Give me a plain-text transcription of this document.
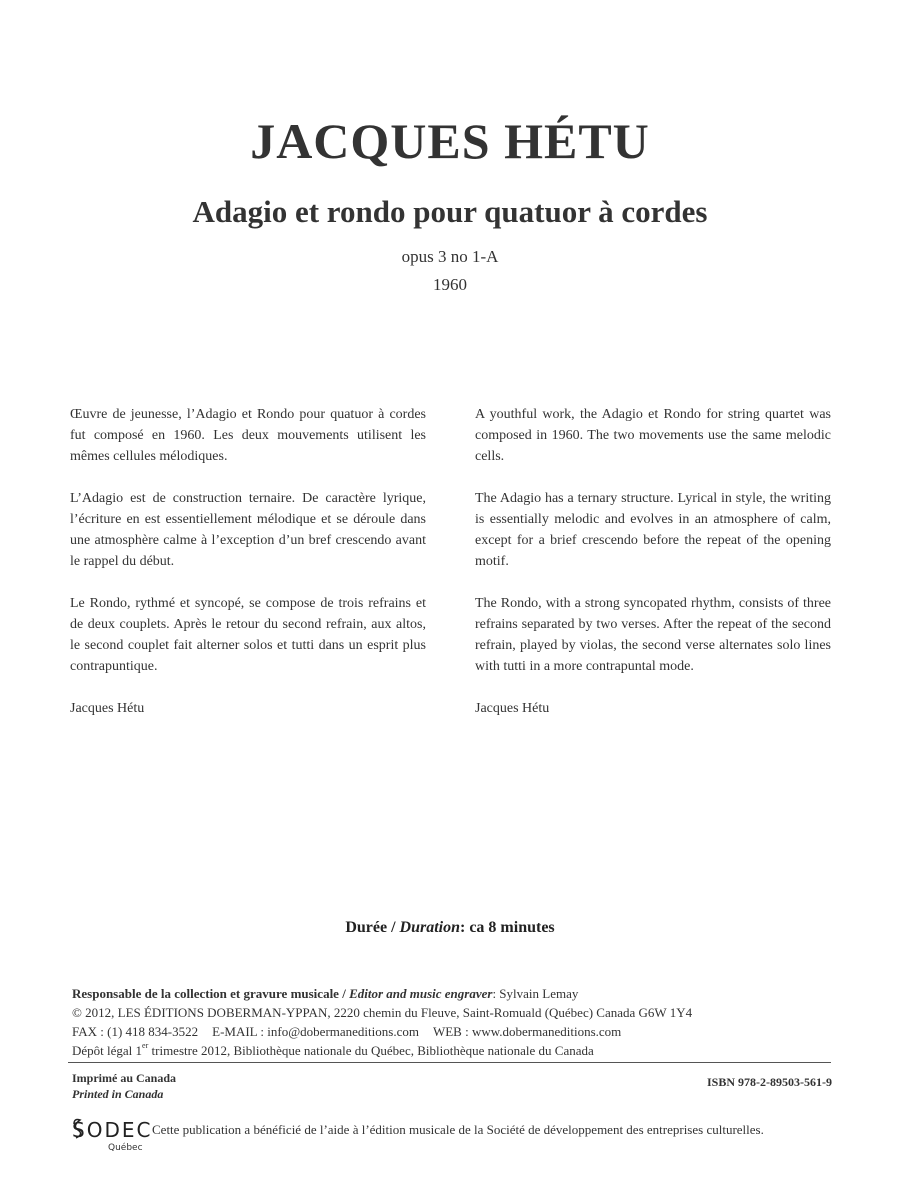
JACQUES HÉTU
Adagio et rondo pour quatuor à cordes
opus 3 no 1-A
1960

Œuvre de jeunesse, l’Adagio et Rondo pour quatuor à cordes fut composé en 1960. Les deux mouvements utilisent les mêmes cellules mélodiques.

L’Adagio est de construction ternaire. De caractère lyrique, l’écriture en est essentiellement mélodique et se déroule dans une atmosphère calme à l’exception d’un bref crescendo avant le rappel du début.

Le Rondo, rythmé et syncopé, se compose de trois refrains et de deux couplets. Après le retour du second refrain, aux altos, le second couplet fait alterner solos et tutti dans un esprit plus contrapuntique.

Jacques Hétu

A youthful work, the Adagio et Rondo for string quartet was composed in 1960. The two movements use the same melodic cells.

The Adagio has a ternary structure. Lyrical in style, the writing is essentially melodic and evolves in an atmosphere of calm, except for a brief crescendo before the repeat of the opening motif.

The Rondo, with a strong syncopated rhythm, consists of three refrains separated by two verses. After the repeat of the second refrain, played by violas, the second verse alternates solo lines with tutti in a more contrapuntal mode.

Jacques Hétu

Durée / Duration: ca 8 minutes
Responsable de la collection et gravure musicale / Editor and music engraver: Sylvain Lemay
© 2012, LES ÉDITIONS DOBERMAN-YPPAN, 2220 chemin du Fleuve, Saint-Romuald (Québec) Canada G6W 1Y4
FAX : (1) 418 834-3522 E-MAIL : info@dobermaneditions.com WEB : www.dobermaneditions.com
Dépôt légal 1er trimestre 2012, Bibliothèque nationale du Québec, Bibliothèque nationale du Canada
Imprimé au Canada
Printed in Canada
ISBN 978-2-89503-561-9
SODEC
Québec
Cette publication a bénéficié de l’aide à l’édition musicale de la Société de développement des entreprises culturelles.
